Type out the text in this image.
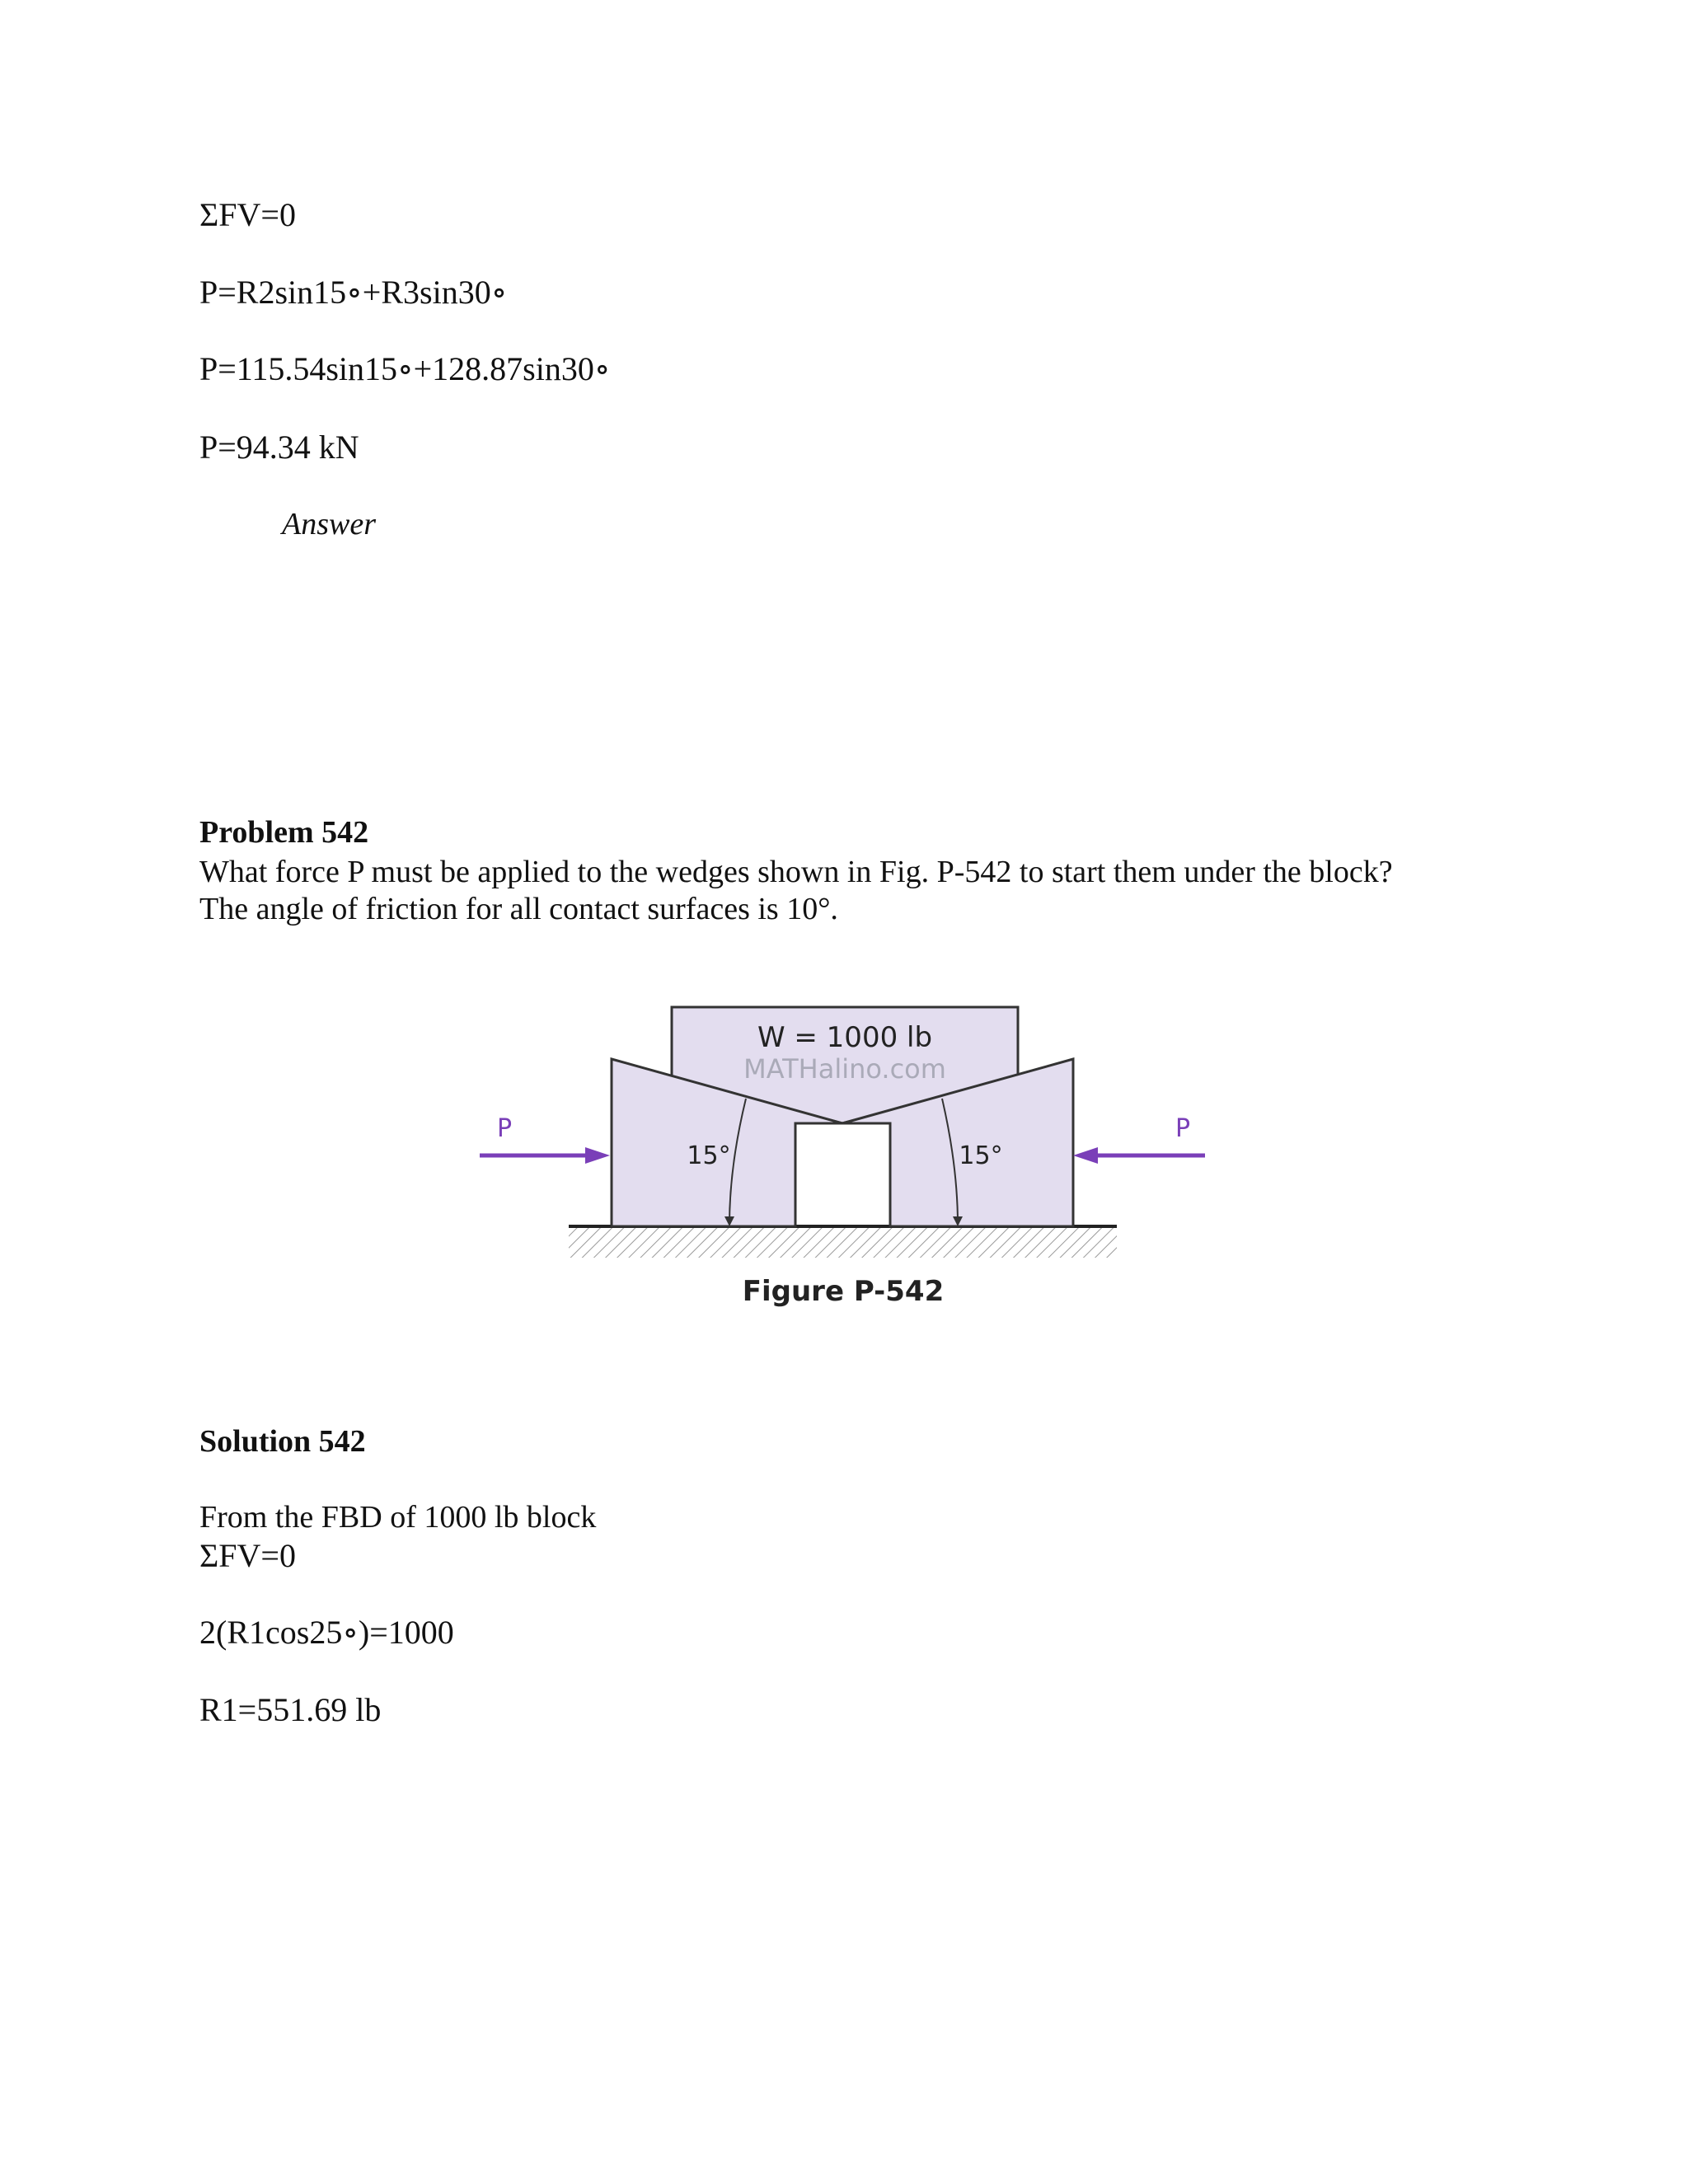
ΣFV=0
P=R2sin15∘+R3sin30∘
P=115.54sin15∘+128.87sin30∘
P=94.34 kN
Answer
Problem 542
What force P must be applied to the wedges shown in Fig. P-542 to start them under the block?
The angle of friction for all contact surfaces is 10°.
W = 1000 lb
MATHalino.com
P	P
15°	15°
Figure P-542
Solution 542
From the FBD of 1000 lb block
ΣFV=0
2(R1cos25∘)=1000
R1=551.69 lb
